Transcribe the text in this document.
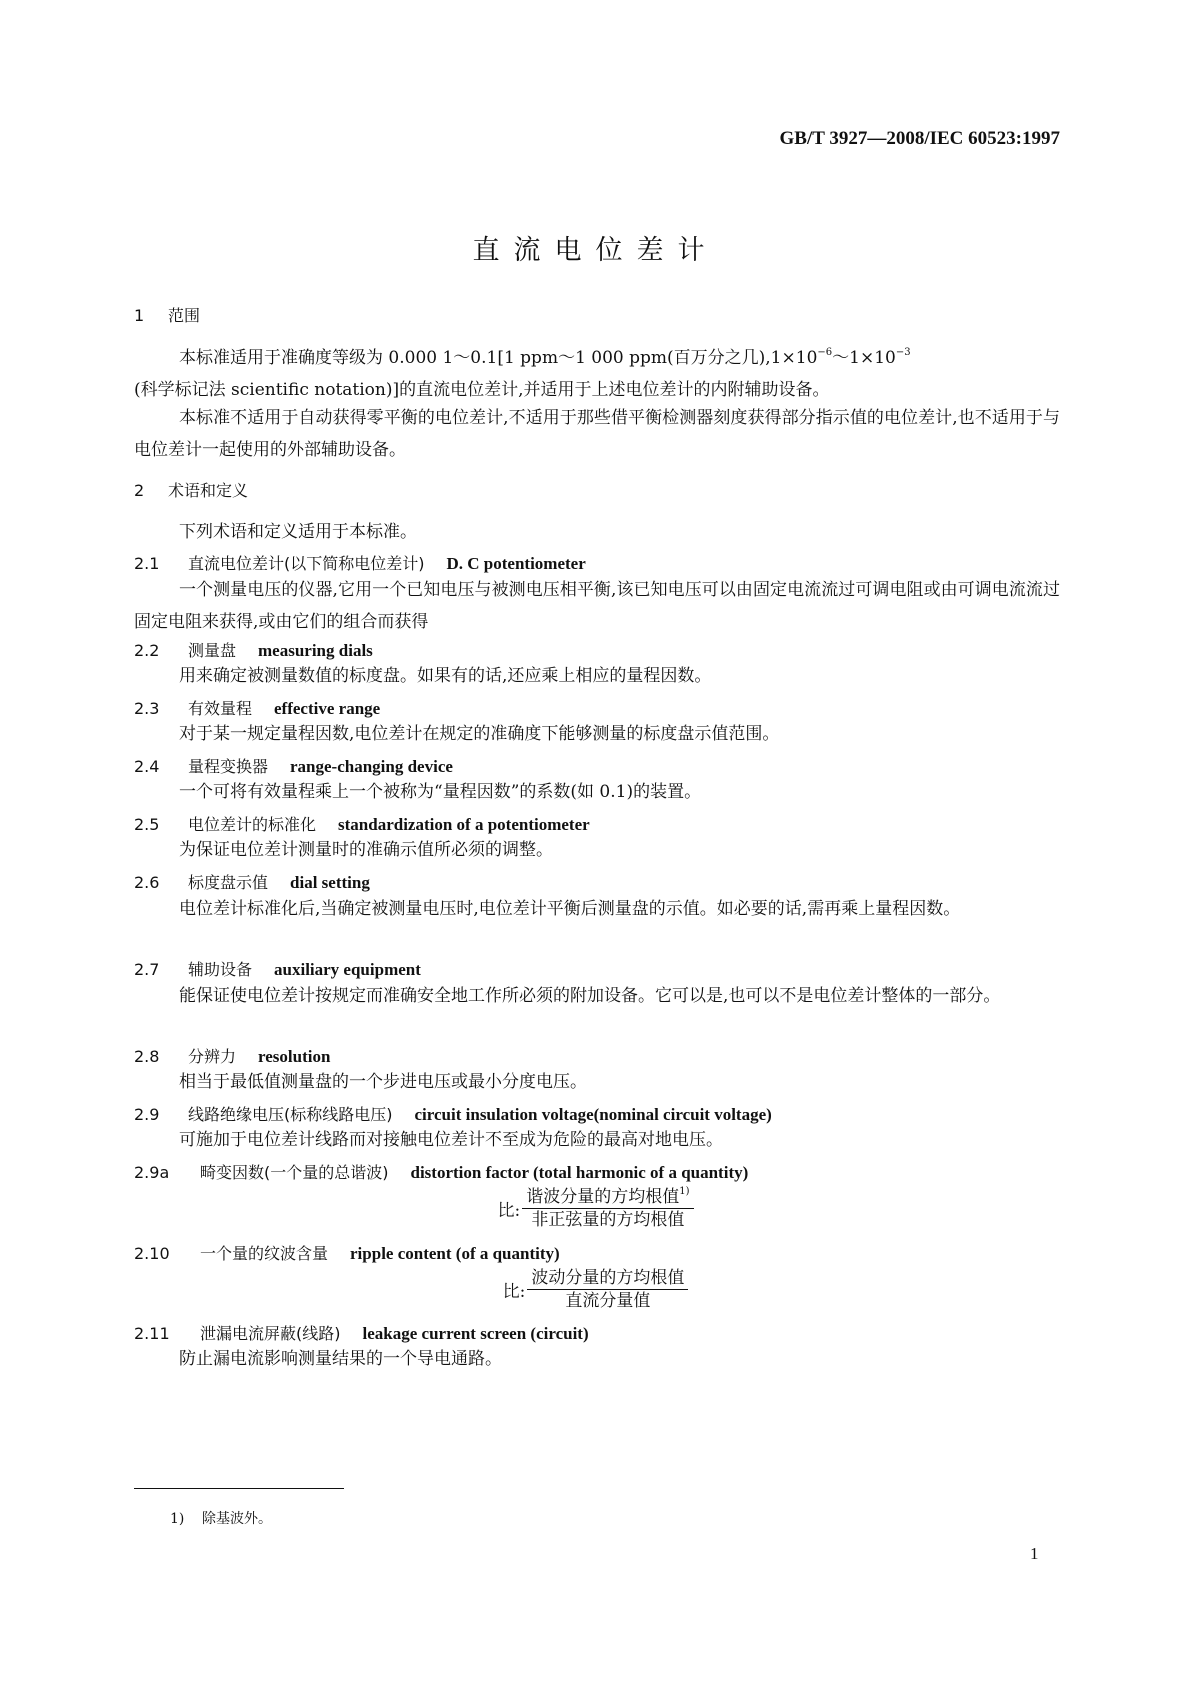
GB/T 3927—2008/IEC 60523:1997
直流电位差计
1 范围

本标准适用于准确度等级为 0.000 1～0.1[1 ppm～1 000 ppm(百万分之几)$,1\times 10^{-6}\sim 1\times 10^{-3}$
(科学标记法 scientific notation)]的直流电位差计,并适用于上述电位差计的内附辅助设备。

本标准不适用于自动获得零平衡的电位差计,不适用于那些借平衡检测器刻度获得部分指示值的电位差计,也不适用于与电位差计一起使用的外部辅助设备。

2 术语和定义

下列术语和定义适用于本标准。

2.1 直流电位差计(以下简称电位差计) D. C potentiometer

一个测量电压的仪器,它用一个已知电压与被测电压相平衡,该已知电压可以由固定电流流过可调电阻或由可调电流流过固定电阻来获得,或由它们的组合而获得

2.2 测量盘 measuring dials

用来确定被测量数值的标度盘。如果有的话,还应乘上相应的量程因数。

2.3 有效量程 effective range

对于某一规定量程因数,电位差计在规定的准确度下能够测量的标度盘示值范围。

2.4 量程变换器 range-changing device

一个可将有效量程乘上一个被称为“量程因数”的系数(如 0.1)的装置。

2.5 电位差计的标准化 standardization of a potentiometer

为保证电位差计测量时的准确示值所必须的调整。

2.6 标度盘示值 dial setting

电位差计标准化后,当确定被测量电压时,电位差计平衡后测量盘的示值。如必要的话,需再乘上量程因数。

2.7 辅助设备 auxiliary equipment

能保证使电位差计按规定而准确安全地工作所必须的附加设备。它可以是,也可以不是电位差计整体的一部分。

2.8 分辨力 resolution

相当于最低值测量盘的一个步进电压或最小分度电压。

2.9 线路绝缘电压(标称线路电压) circuit insulation voltage(nominal circuit voltage)

可施加于电位差计线路而对接触电位差计不至成为危险的最高对地电压。

2.9a 畸变因数(一个量的总谐波) distortion factor (total harmonic of a quantity)
比: $\frac{谐波分量的方均根值^{1)}}{\text{非正弦量的方均根值}}$
2.10 一个量的纹波含量 ripple content (of a quantity)
比: $\frac{\text{波动分量的方均根值}}{\text{直流分量值}}$
2.11 泄漏电流屏蔽(线路) leakage current screen (circuit)

防止漏电流影响测量结果的一个导电通路。

1) 除基波外。
1
